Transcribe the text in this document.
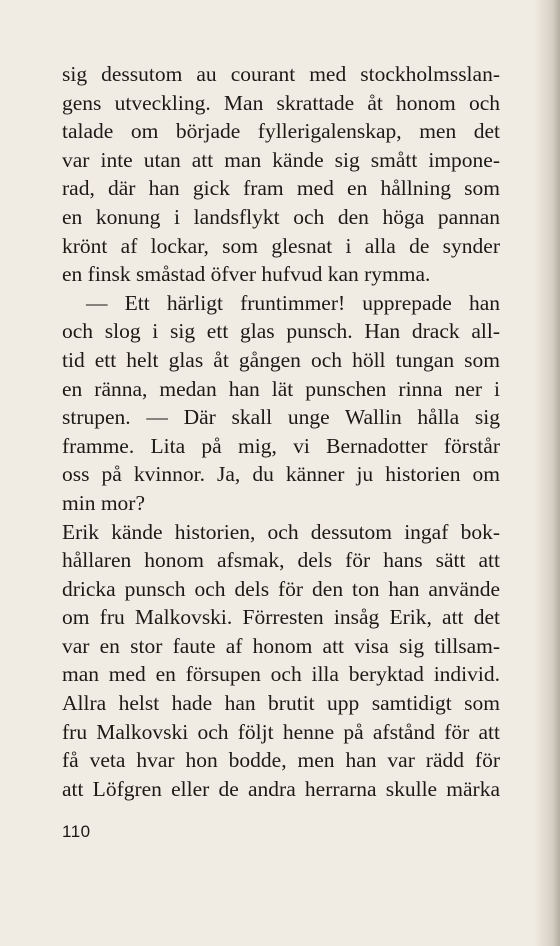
sig dessutom au courant med stockholmsslan-
gens utveckling. Man skrattade åt honom och
talade om började fyllerigalenskap, men det
var inte utan att man kände sig smått impone-
rad, där han gick fram med en hållning som
en konung i landsflykt och den höga pannan
krönt af lockar, som glesnat i alla de synder
en finsk småstad öfver hufvud kan rymma.
— Ett härligt fruntimmer! upprepade han
och slog i sig ett glas punsch. Han drack all-
tid ett helt glas åt gången och höll tungan som
en ränna, medan han lät punschen rinna ner i
strupen. — Där skall unge Wallin hålla sig
framme. Lita på mig, vi Bernadotter förstår
oss på kvinnor. Ja, du känner ju historien om
min mor?
Erik kände historien, och dessutom ingaf bok-
hållaren honom afsmak, dels för hans sätt att
dricka punsch och dels för den ton han använde
om fru Malkovski. Förresten insåg Erik, att det
var en stor faute af honom att visa sig tillsam-
man med en försupen och illa beryktad individ.
Allra helst hade han brutit upp samtidigt som
fru Malkovski och följt henne på afstånd för att
få veta hvar hon bodde, men han var rädd för
att Löfgren eller de andra herrarna skulle märka
110
